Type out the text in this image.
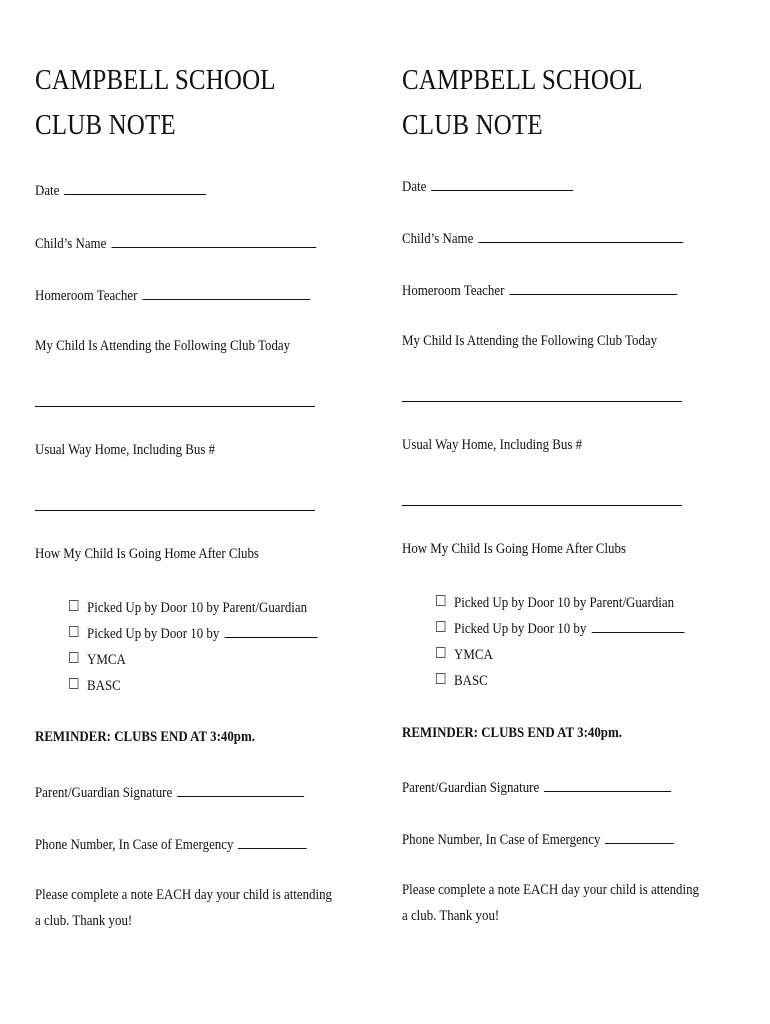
CAMPBELL SCHOOL
CLUB NOTE
Date
Child’s Name
Homeroom Teacher
My Child Is Attending the Following Club Today
Usual Way Home, Including Bus #
How My Child Is Going Home After Clubs
Picked Up by Door 10 by Parent/Guardian
Picked Up by Door 10 by
YMCA
BASC
REMINDER: CLUBS END AT 3:40pm.
Parent/Guardian Signature
Phone Number, In Case of Emergency
Please complete a note EACH day your child is attending
a club. Thank you!
CAMPBELL SCHOOL
CLUB NOTE
Date
Child’s Name
Homeroom Teacher
My Child Is Attending the Following Club Today
Usual Way Home, Including Bus #
How My Child Is Going Home After Clubs
Picked Up by Door 10 by Parent/Guardian
Picked Up by Door 10 by
YMCA
BASC
REMINDER: CLUBS END AT 3:40pm.
Parent/Guardian Signature
Phone Number, In Case of Emergency
Please complete a note EACH day your child is attending
a club. Thank you!
